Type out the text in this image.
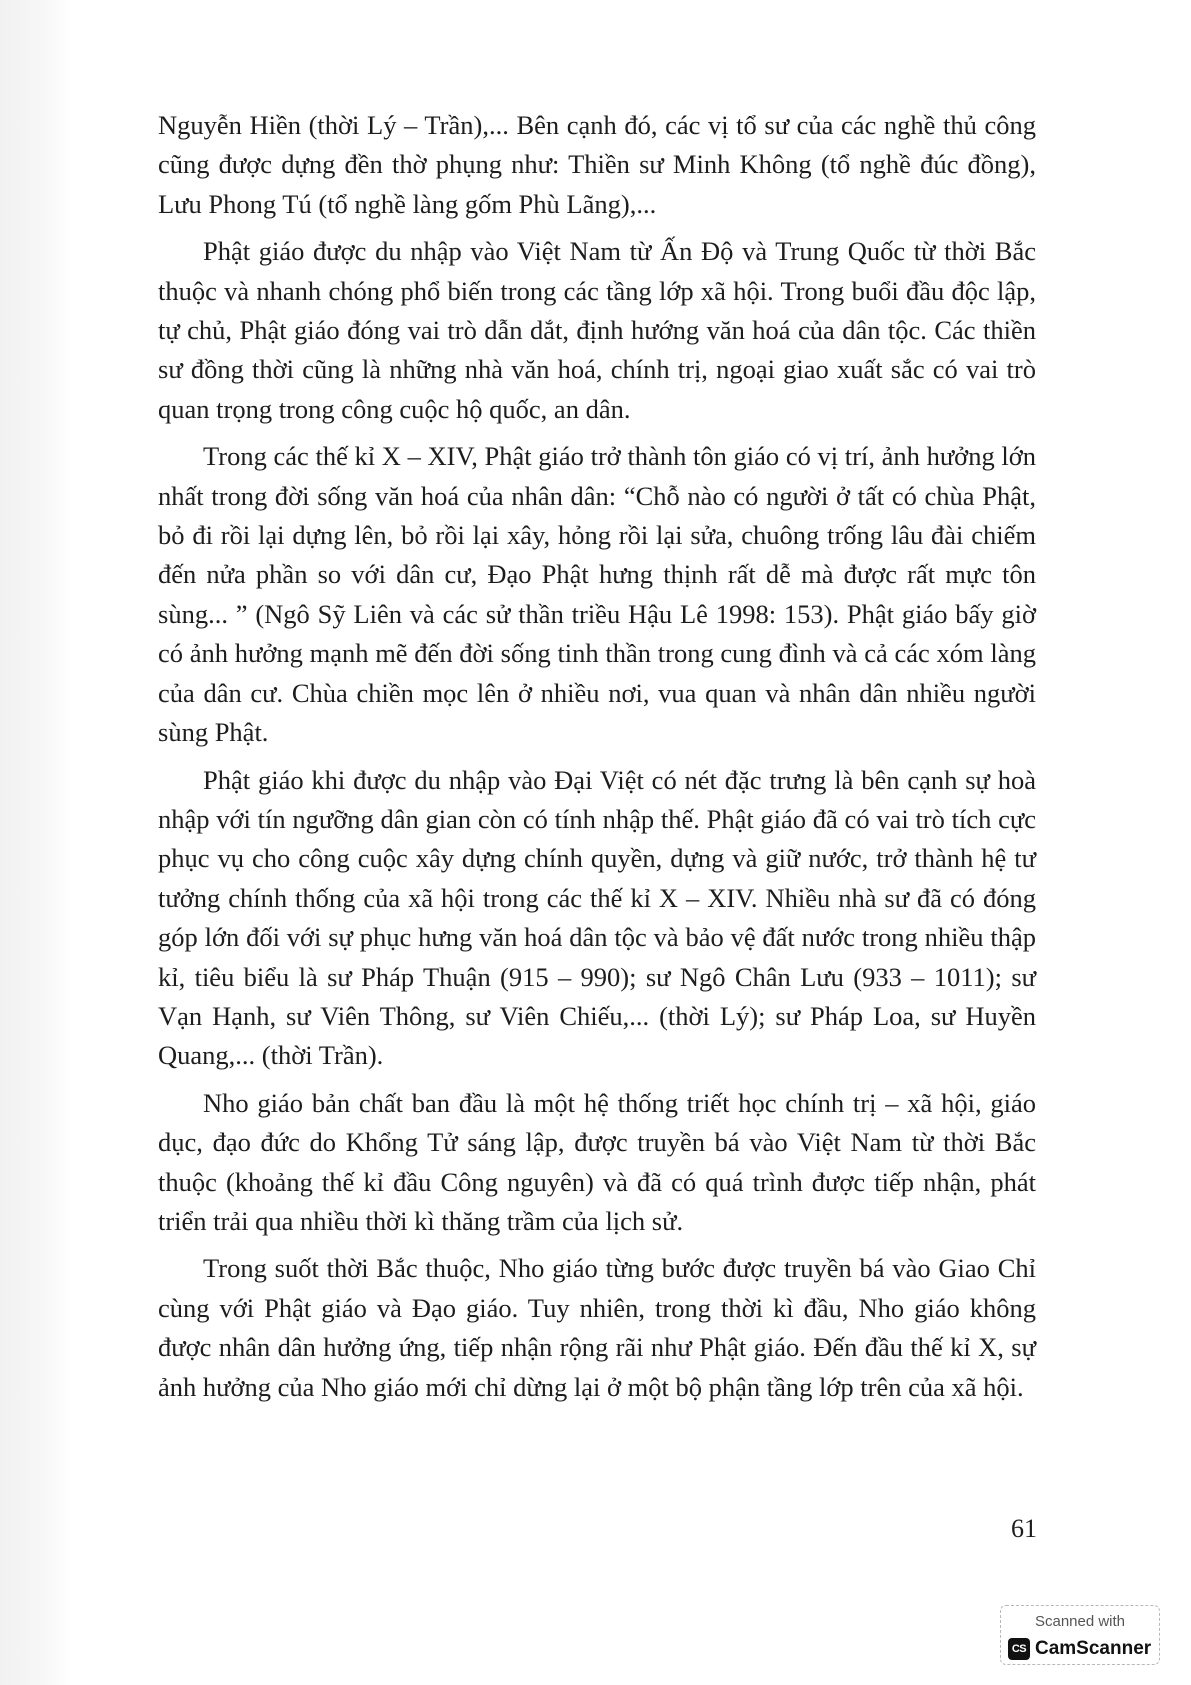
Nguyễn Hiền (thời Lý – Trần),... Bên cạnh đó, các vị tổ sư của các nghề thủ công cũng được dựng đền thờ phụng như: Thiền sư Minh Không (tổ nghề đúc đồng), Lưu Phong Tú (tổ nghề làng gốm Phù Lãng),...

Phật giáo được du nhập vào Việt Nam từ Ấn Độ và Trung Quốc từ thời Bắc thuộc và nhanh chóng phổ biến trong các tầng lớp xã hội. Trong buổi đầu độc lập, tự chủ, Phật giáo đóng vai trò dẫn dắt, định hướng văn hoá của dân tộc. Các thiền sư đồng thời cũng là những nhà văn hoá, chính trị, ngoại giao xuất sắc có vai trò quan trọng trong công cuộc hộ quốc, an dân.

Trong các thế kỉ X – XIV, Phật giáo trở thành tôn giáo có vị trí, ảnh hưởng lớn nhất trong đời sống văn hoá của nhân dân: “Chỗ nào có người ở tất có chùa Phật, bỏ đi rồi lại dựng lên, bỏ rồi lại xây, hỏng rồi lại sửa, chuông trống lâu đài chiếm đến nửa phần so với dân cư, Đạo Phật hưng thịnh rất dễ mà được rất mực tôn sùng... ” (Ngô Sỹ Liên và các sử thần triều Hậu Lê 1998: 153). Phật giáo bấy giờ có ảnh hưởng mạnh mẽ đến đời sống tinh thần trong cung đình và cả các xóm làng của dân cư. Chùa chiền mọc lên ở nhiều nơi, vua quan và nhân dân nhiều người sùng Phật.

Phật giáo khi được du nhập vào Đại Việt có nét đặc trưng là bên cạnh sự hoà nhập với tín ngưỡng dân gian còn có tính nhập thế. Phật giáo đã có vai trò tích cực phục vụ cho công cuộc xây dựng chính quyền, dựng và giữ nước, trở thành hệ tư tưởng chính thống của xã hội trong các thế kỉ X – XIV. Nhiều nhà sư đã có đóng góp lớn đối với sự phục hưng văn hoá dân tộc và bảo vệ đất nước trong nhiều thập kỉ, tiêu biểu là sư Pháp Thuận (915 – 990); sư Ngô Chân Lưu (933 – 1011); sư Vạn Hạnh, sư Viên Thông, sư Viên Chiếu,... (thời Lý); sư Pháp Loa, sư Huyền Quang,... (thời Trần).

Nho giáo bản chất ban đầu là một hệ thống triết học chính trị – xã hội, giáo dục, đạo đức do Khổng Tử sáng lập, được truyền bá vào Việt Nam từ thời Bắc thuộc (khoảng thế kỉ đầu Công nguyên) và đã có quá trình được tiếp nhận, phát triển trải qua nhiều thời kì thăng trầm của lịch sử.

Trong suốt thời Bắc thuộc, Nho giáo từng bước được truyền bá vào Giao Chỉ cùng với Phật giáo và Đạo giáo. Tuy nhiên, trong thời kì đầu, Nho giáo không được nhân dân hưởng ứng, tiếp nhận rộng rãi như Phật giáo. Đến đầu thế kỉ X, sự ảnh hưởng của Nho giáo mới chỉ dừng lại ở một bộ phận tầng lớp trên của xã hội.

61
Scanned with
CS CamScanner
